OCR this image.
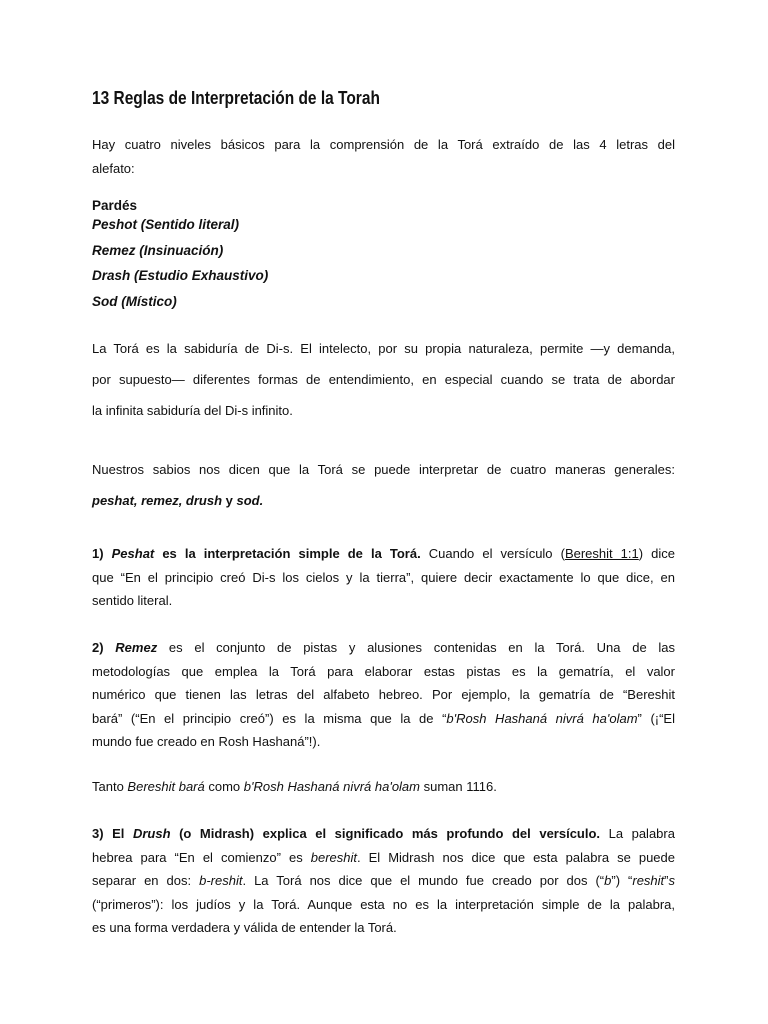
13 Reglas de Interpretación de la Torah
Hay cuatro niveles básicos para la comprensión de la Torá extraído de las 4 letras del
alefato:
Pardés
Peshot (Sentido literal)
Remez (Insinuación)
Drash (Estudio Exhaustivo)
Sod (Místico)
La Torá es la sabiduría de Di-s. El intelecto, por su propia naturaleza, permite —y demanda,
por supuesto— diferentes formas de entendimiento, en especial cuando se trata de abordar
la infinita sabiduría del Di-s infinito.
Nuestros sabios nos dicen que la Torá se puede interpretar de cuatro maneras generales:
peshat, remez, drush y sod.
1) Peshat es la interpretación simple de la Torá. Cuando el versículo (Bereshit 1:1) dice
que “En el principio creó Di-s los cielos y la tierra”, quiere decir exactamente lo que dice, en
sentido literal.
2) Remez es el conjunto de pistas y alusiones contenidas en la Torá. Una de las
metodologías que emplea la Torá para elaborar estas pistas es la gematría, el valor
numérico que tienen las letras del alfabeto hebreo. Por ejemplo, la gematría de “Bereshit
bará” (“En el principio creó”) es la misma que la de “b'Rosh Hashaná nivrá ha'olam” (¡“El
mundo fue creado en Rosh Hashaná”!).
Tanto Bereshit bará como b'Rosh Hashaná nivrá ha'olam suman 1116.
3) El Drush (o Midrash) explica el significado más profundo del versículo. La palabra
hebrea para “En el comienzo” es bereshit. El Midrash nos dice que esta palabra se puede
separar en dos: b-reshit. La Torá nos dice que el mundo fue creado por dos (“b”) “reshit”s
(“primeros”): los judíos y la Torá. Aunque esta no es la interpretación simple de la palabra,
es una forma verdadera y válida de entender la Torá.
